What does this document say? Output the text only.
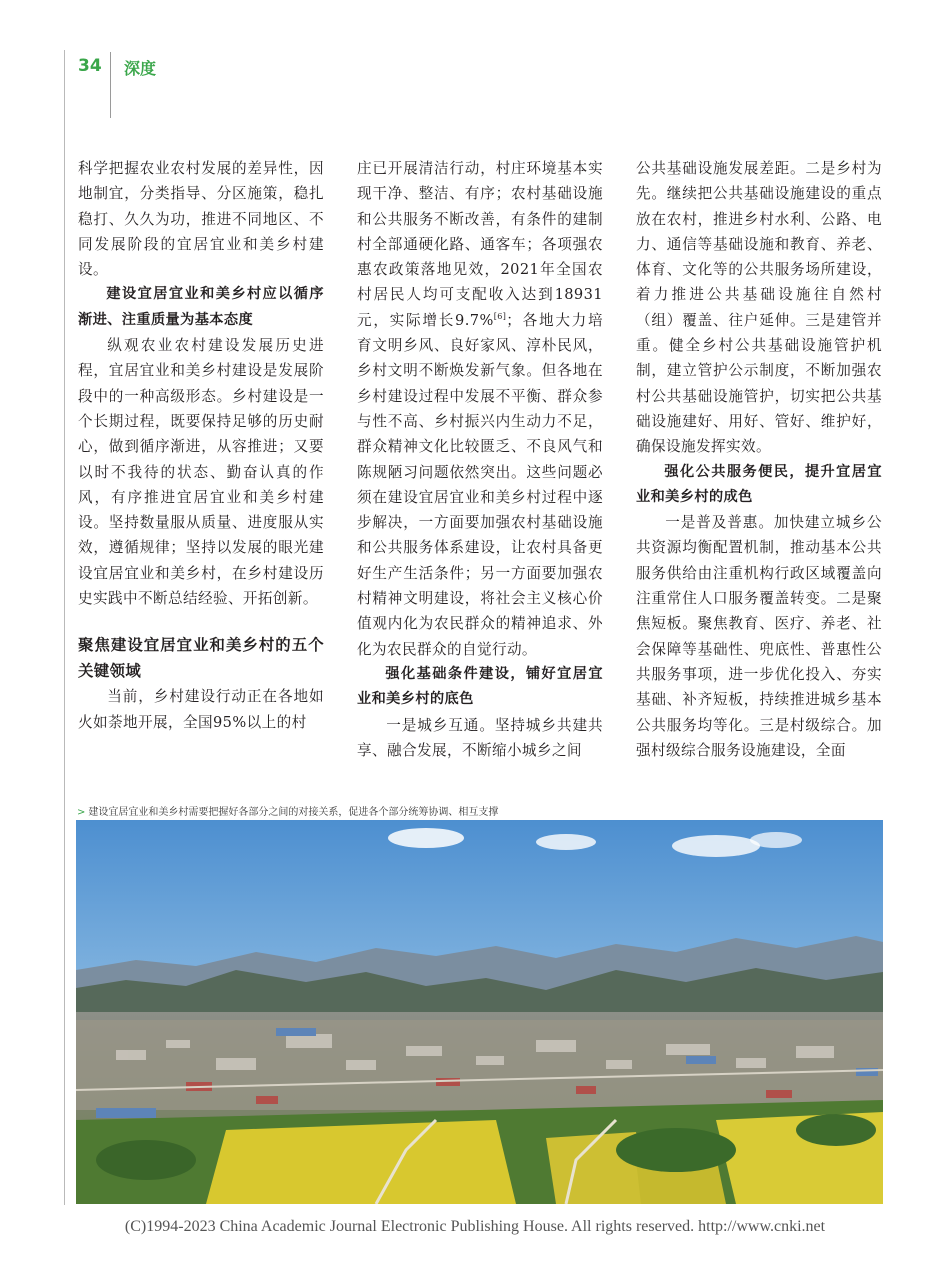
34 深度

科学把握农业农村发展的差异性，因地制宜，分类指导、分区施策，稳扎稳打、久久为功，推进不同地区、不同发展阶段的宜居宜业和美乡村建设。

建设宜居宜业和美乡村应以循序渐进、注重质量为基本态度

纵观农业农村建设发展历史进程，宜居宜业和美乡村建设是发展阶段中的一种高级形态。乡村建设是一个长期过程，既要保持足够的历史耐心，做到循序渐进，从容推进；又要以时不我待的状态、勤奋认真的作风，有序推进宜居宜业和美乡村建设。坚持数量服从质量、进度服从实效，遵循规律；坚持以发展的眼光建设宜居宜业和美乡村，在乡村建设历史实践中不断总结经验、开拓创新。

聚焦建设宜居宜业和美乡村的五个关键领域

当前，乡村建设行动正在各地如火如荼地开展，全国95%以上的村

庄已开展清洁行动，村庄环境基本实现干净、整洁、有序；农村基础设施和公共服务不断改善，有条件的建制村全部通硬化路、通客车；各项强农惠农政策落地见效，2021年全国农村居民人均可支配收入达到18931元，实际增长9.7%[6]；各地大力培育文明乡风、良好家风、淳朴民风，乡村文明不断焕发新气象。但各地在乡村建设过程中发展不平衡、群众参与性不高、乡村振兴内生动力不足，群众精神文化比较匮乏、不良风气和陈规陋习问题依然突出。这些问题必须在建设宜居宜业和美乡村过程中逐步解决，一方面要加强农村基础设施和公共服务体系建设，让农村具备更好生产生活条件；另一方面要加强农村精神文明建设，将社会主义核心价值观内化为农民群众的精神追求、外化为农民群众的自觉行动。

强化基础条件建设，铺好宜居宜业和美乡村的底色

一是城乡互通。坚持城乡共建共享、融合发展，不断缩小城乡之间

公共基础设施发展差距。二是乡村为先。继续把公共基础设施建设的重点放在农村，推进乡村水利、公路、电力、通信等基础设施和教育、养老、体育、文化等的公共服务场所建设，着力推进公共基础设施往自然村（组）覆盖、往户延伸。三是建管并重。健全乡村公共基础设施管护机制，建立管护公示制度，不断加强农村公共基础设施管护，切实把公共基础设施建好、用好、管好、维护好，确保设施发挥实效。

强化公共服务便民，提升宜居宜业和美乡村的成色

一是普及普惠。加快建立城乡公共资源均衡配置机制，推动基本公共服务供给由注重机构行政区域覆盖向注重常住人口服务覆盖转变。二是聚焦短板。聚焦教育、医疗、养老、社会保障等基础性、兜底性、普惠性公共服务事项，进一步优化投入、夯实基础、补齐短板，持续推进城乡基本公共服务均等化。三是村级综合。加强村级综合服务设施建设，全面

> 建设宜居宜业和美乡村需要把握好各部分之间的对接关系，促进各个部分统筹协调、相互支撑
(C)1994-2023 China Academic Journal Electronic Publishing House. All rights reserved. http://www.cnki.net
